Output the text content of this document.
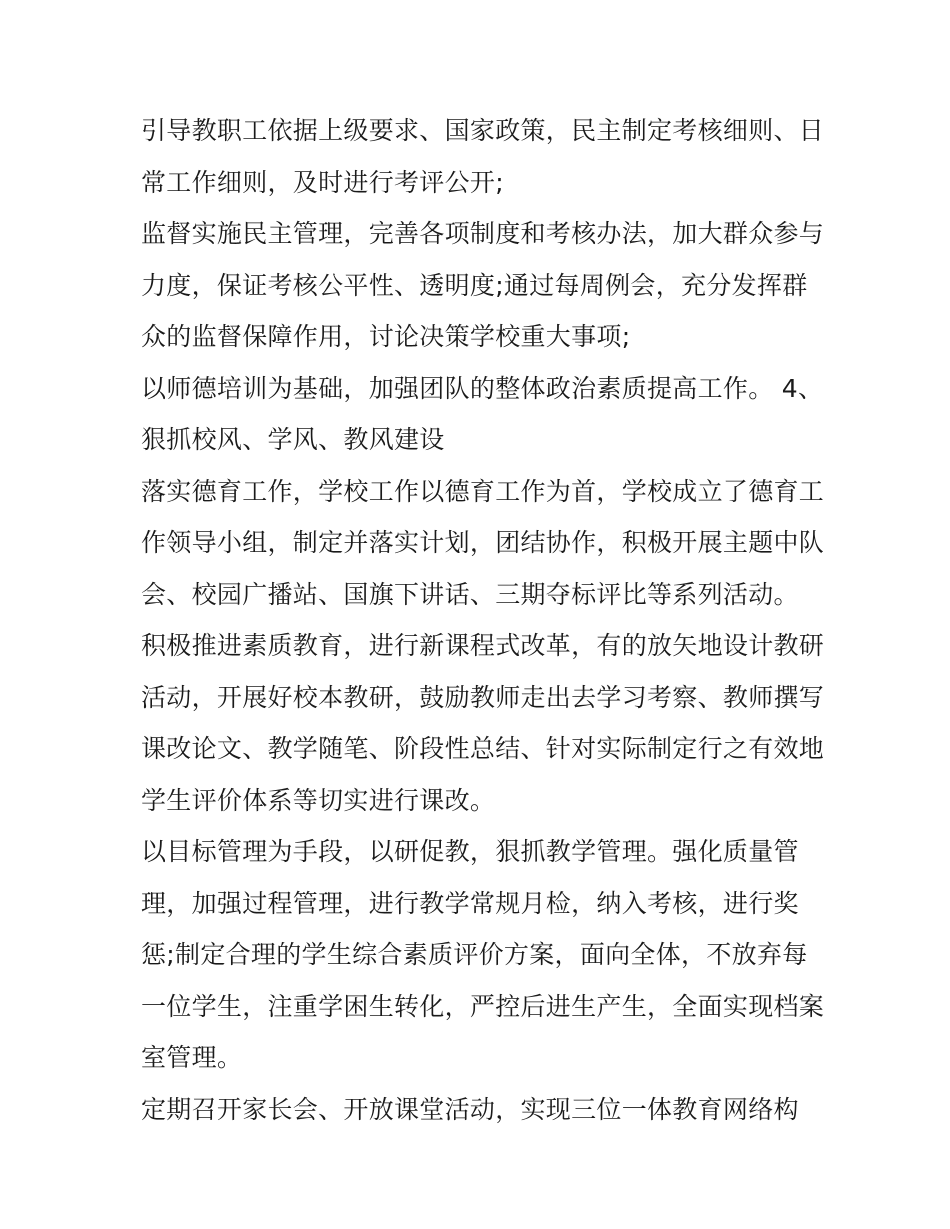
引导教职工依据上级要求、国家政策，民主制定考核细则、日
常工作细则，及时进行考评公开;

监督实施民主管理，完善各项制度和考核办法，加大群众参与
力度，保证考核公平性、透明度;通过每周例会，充分发挥群
众的监督保障作用，讨论决策学校重大事项;

以师德培训为基础，加强团队的整体政治素质提高工作。 4、
狠抓校风、学风、教风建设

落实德育工作，学校工作以德育工作为首，学校成立了德育工
作领导小组，制定并落实计划，团结协作，积极开展主题中队
会、校园广播站、国旗下讲话、三期夺标评比等系列活动。

积极推进素质教育，进行新课程式改革，有的放矢地设计教研
活动，开展好校本教研，鼓励教师走出去学习考察、教师撰写
课改论文、教学随笔、阶段性总结、针对实际制定行之有效地
学生评价体系等切实进行课改。

以目标管理为手段，以研促教，狠抓教学管理。强化质量管
理，加强过程管理，进行教学常规月检，纳入考核，进行奖
惩;制定合理的学生综合素质评价方案，面向全体，不放弃每
一位学生，注重学困生转化，严控后进生产生，全面实现档案
室管理。

定期召开家长会、开放课堂活动，实现三位一体教育网络构
